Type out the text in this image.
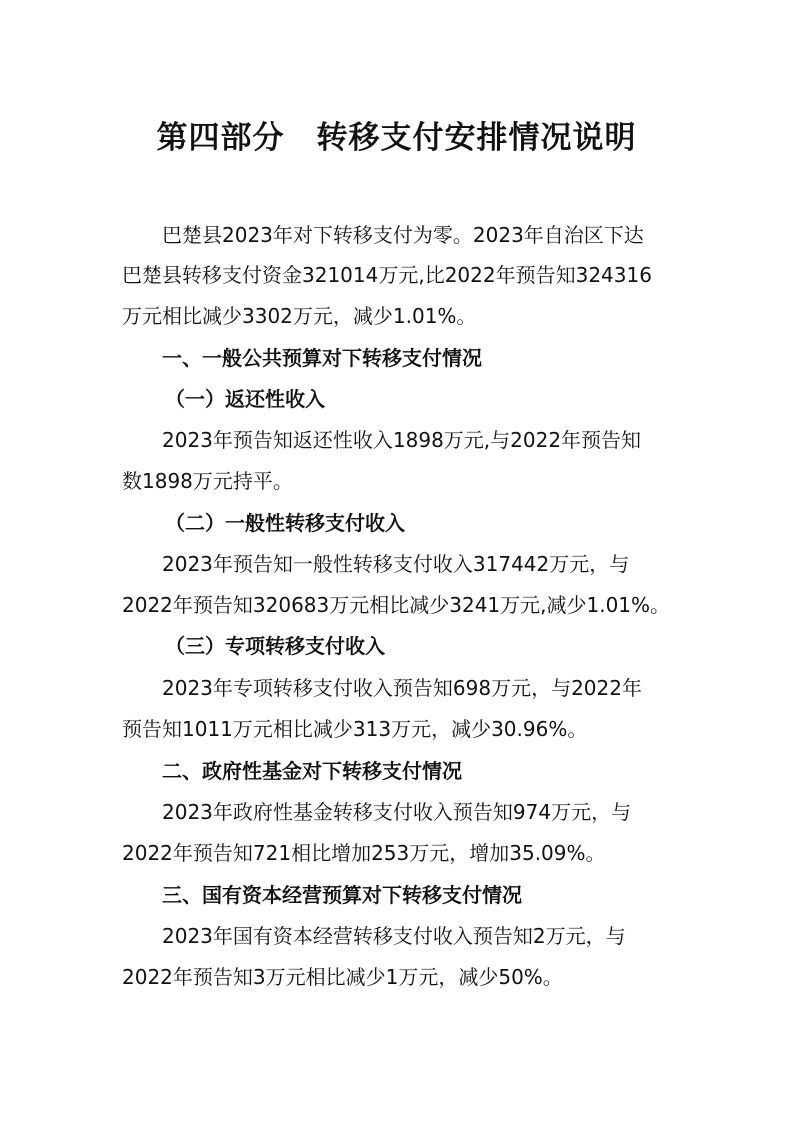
第四部分　转移支付安排情况说明
巴楚县2023年对下转移支付为零。2023年自治区下达
巴楚县转移支付资金321014万元,比2022年预告知324316
万元相比减少3302万元，减少1.01%。
一、一般公共预算对下转移支付情况
（一）返还性收入
2023年预告知返还性收入1898万元,与2022年预告知
数1898万元持平。
（二）一般性转移支付收入
2023年预告知一般性转移支付收入317442万元，与
2022年预告知320683万元相比减少3241万元,减少1.01%。
（三）专项转移支付收入
2023年专项转移支付收入预告知698万元，与2022年
预告知1011万元相比减少313万元，减少30.96%。
二、政府性基金对下转移支付情况
2023年政府性基金转移支付收入预告知974万元，与
2022年预告知721相比增加253万元，增加35.09%。
三、国有资本经营预算对下转移支付情况
2023年国有资本经营转移支付收入预告知2万元，与
2022年预告知3万元相比减少1万元，减少50%。
